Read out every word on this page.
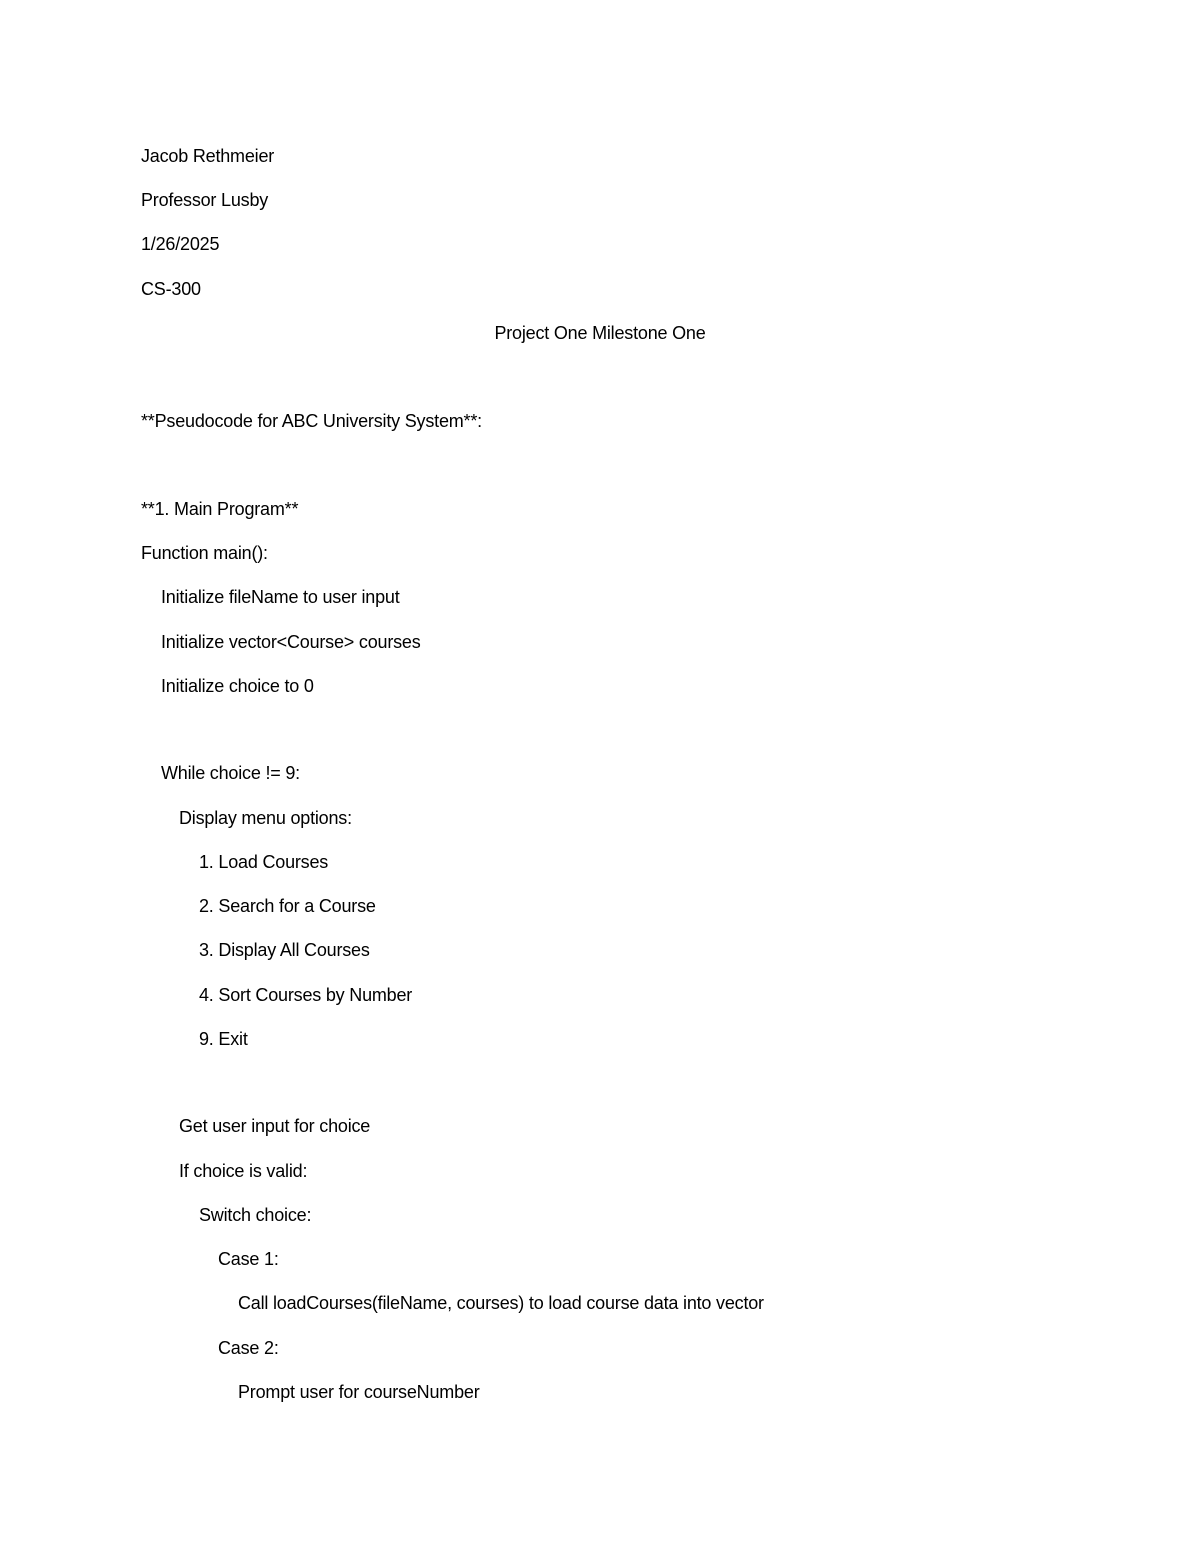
Jacob Rethmeier
Professor Lusby
1/26/2025
CS-300
Project One Milestone One
**Pseudocode for ABC University System**:
**1. Main Program**
Function main():
Initialize fileName to user input
Initialize vector<Course> courses
Initialize choice to 0
While choice != 9:
Display menu options:
1. Load Courses
2. Search for a Course
3. Display All Courses
4. Sort Courses by Number
9. Exit
Get user input for choice
If choice is valid:
Switch choice:
Case 1:
Call loadCourses(fileName, courses) to load course data into vector
Case 2:
Prompt user for courseNumber
